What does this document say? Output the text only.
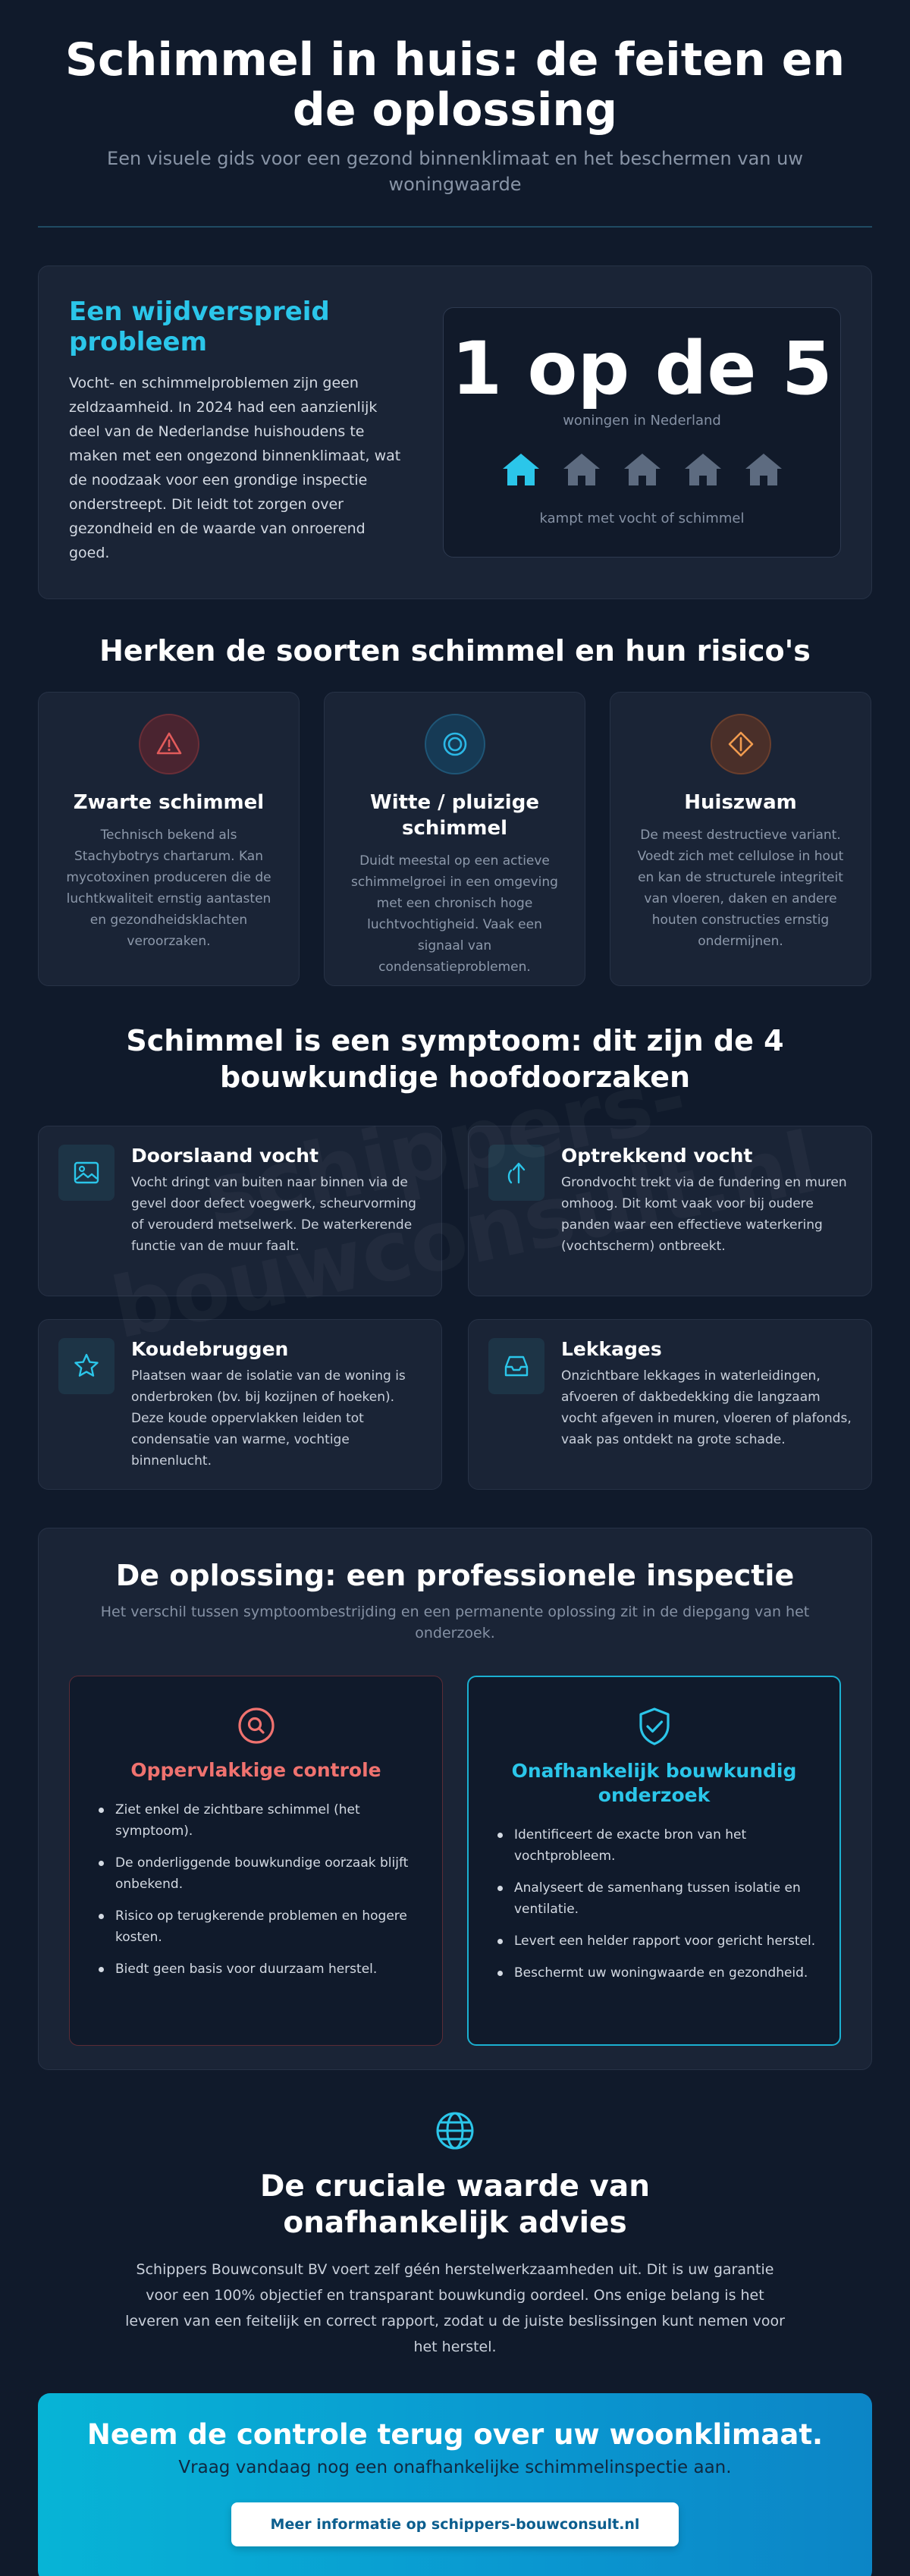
Schimmel in huis: de feiten en de oplossing

Een visuele gids voor een gezond binnenklimaat en het beschermen van uw woningwaarde

Een wijdverspreid probleem

Vocht- en schimmelproblemen zijn geen zeldzaamheid. In 2024 had een aanzienlijk deel van de Nederlandse huishoudens te maken met een ongezond binnenklimaat, wat de noodzaak voor een grondige inspectie onderstreept. Dit leidt tot zorgen over gezondheid en de waarde van onroerend goed.

1 op de 5
woningen in Nederland
kampt met vocht of schimmel
Herken de soorten schimmel en hun risico's
Zwarte schimmel
Technisch bekend als Stachybotrys chartarum. Kan mycotoxinen produceren die de luchtkwaliteit ernstig aantasten en gezondheidsklachten veroorzaken.
Witte / pluizige schimmel
Duidt meestal op een actieve schimmelgroei in een omgeving met een chronisch hoge luchtvochtigheid. Vaak een signaal van condensatieproblemen.
Huiszwam
De meest destructieve variant. Voedt zich met cellulose in hout en kan de structurele integriteit van vloeren, daken en andere houten constructies ernstig ondermijnen.
Schimmel is een symptoom: dit zijn de 4 bouwkundige hoofdoorzaken
Doorslaand vocht
Vocht dringt van buiten naar binnen via de gevel door defect voegwerk, scheurvorming of verouderd metselwerk. De waterkerende functie van de muur faalt.
Optrekkend vocht
Grondvocht trekt via de fundering en muren omhoog. Dit komt vaak voor bij oudere panden waar een effectieve waterkering (vochtscherm) ontbreekt.
Koudebruggen
Plaatsen waar de isolatie van de woning is onderbroken (bv. bij kozijnen of hoeken). Deze koude oppervlakken leiden tot condensatie van warme, vochtige binnenlucht.
Lekkages
Onzichtbare lekkages in waterleidingen, afvoeren of dakbedekking die langzaam vocht afgeven in muren, vloeren of plafonds, vaak pas ontdekt na grote schade.
De oplossing: een professionele inspectie

Het verschil tussen symptoombestrijding en een permanente oplossing zit in de diepgang van het onderzoek.

Oppervlakkige controle
Ziet enkel de zichtbare schimmel (het symptoom).
De onderliggende bouwkundige oorzaak blijft onbekend.
Risico op terugkerende problemen en hogere kosten.
Biedt geen basis voor duurzaam herstel.
Onafhankelijk bouwkundig onderzoek
Identificeert de exacte bron van het vochtprobleem.
Analyseert de samenhang tussen isolatie en ventilatie.
Levert een helder rapport voor gericht herstel.
Beschermt uw woningwaarde en gezondheid.
De cruciale waarde van onafhankelijk advies

Schippers Bouwconsult BV voert zelf géén herstelwerkzaamheden uit. Dit is uw garantie voor een 100% objectief en transparant bouwkundig oordeel. Ons enige belang is het leveren van een feitelijk en correct rapport, zodat u de juiste beslissingen kunt nemen voor het herstel.

Neem de controle terug over uw woonklimaat.
Vraag vandaag nog een onafhankelijke schimmelinspectie aan.
Meer informatie op schippers-bouwconsult.nl
